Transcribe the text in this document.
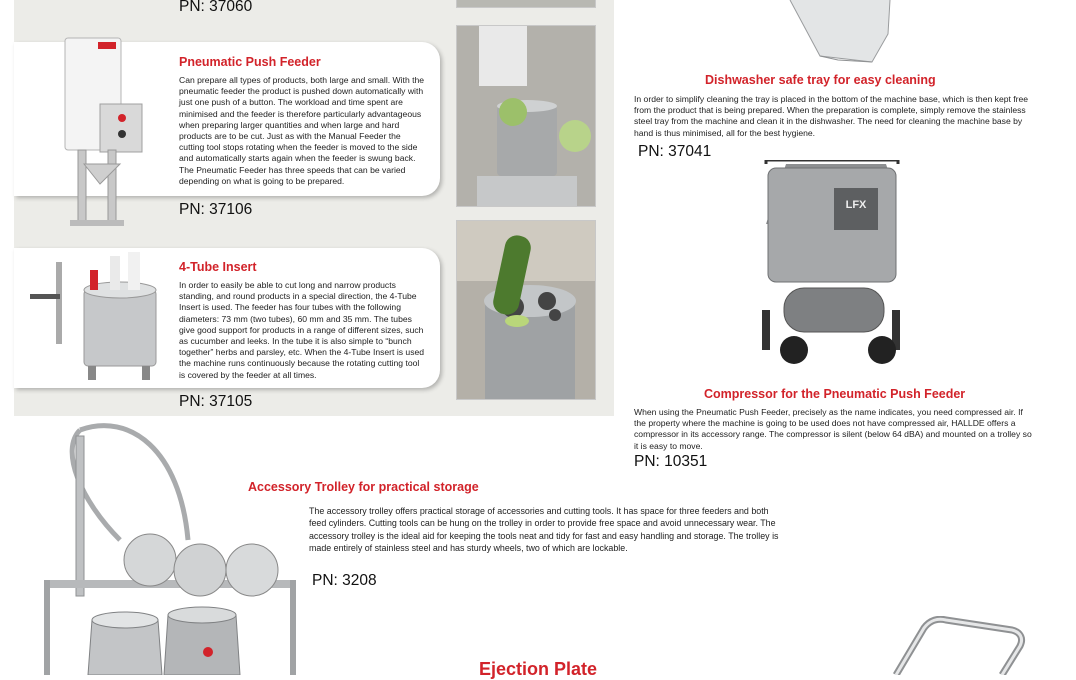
PN: 37060

Pneumatic Push Feeder

Can prepare all types of products, both large and small. With the pneumatic feeder the product is pushed down automatically with just one push of a button. The workload and time spent are minimised and the feeder is therefore particularly advantageous when preparing larger quantities and when large and hard products are to be cut. Just as with the Manual Feeder the cutting tool stops rotating when the feeder is moved to the side and automatically starts again when the feeder is swung back. The Pneumatic Feeder has three speeds that can be varied depending on what is going to be prepared.

PN: 37106

4-Tube Insert

In order to easily be able to cut long and narrow products standing, and round products in a special direction, the 4-Tube Insert is used. The feeder has four tubes with the following diameters: 73 mm (two tubes), 60 mm and 35 mm. The tubes give good support for products in a range of different sizes, such as cucumber and leeks. In the tube it is also simple to “bunch together” herbs and parsley, etc. When the 4-Tube Insert is used the machine runs continuously because the rotating cutting tool is covered by the feeder at all times.

PN: 37105

Dishwasher safe tray for easy cleaning

In order to simplify cleaning the tray is placed in the bottom of the machine base, which is then kept free from the product that is being prepared. When the preparation is complete, simply remove the stainless steel tray from the machine and clean it in the dishwasher. The need for cleaning the machine base by hand is thus minimised, all for the best hygiene.

PN: 37041

LFX

Compressor for the Pneumatic Push Feeder

When using the Pneumatic Push Feeder, precisely as the name indicates, you need compressed air. If the property where the machine is going to be used does not have compressed air, HALLDE offers a compressor in its accessory range. The compressor is silent (below 64 dBA) and mounted on a trolley so it is easy to move.

PN: 10351

Accessory Trolley for practical storage

The accessory trolley offers practical storage of accessories and cutting tools. It has space for three feeders and both feed cylinders. Cutting tools can be hung on the trolley in order to provide free space and avoid unnecessary wear. The accessory trolley is the ideal aid for keeping the tools neat and tidy for fast and easy handling and storage. The trolley is made entirely of stainless steel and has sturdy wheels, two of which are lockable.

PN: 3208

Ejection Plate
